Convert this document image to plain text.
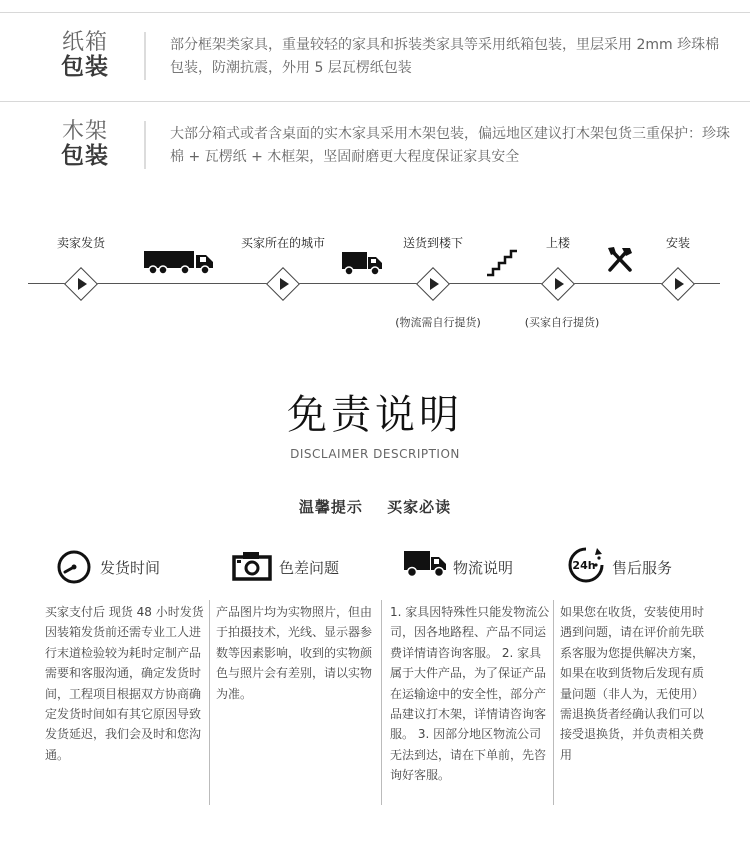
纸箱
包装
部分框架类家具，重量较轻的家具和拆装类家具等采用纸箱包装，里层采用 2mm 珍珠棉包装，防潮抗震，外用 5 层瓦楞纸包装
木架
包装
大部分箱式或者含桌面的实木家具采用木架包装，偏远地区建议打木架包货三重保护：珍珠棉 + 瓦楞纸 + 木框架，坚固耐磨更大程度保证家具安全
卖家发货	买家所在的城市	送货到楼下	上楼	安装
(物流需自行提货)	(买家自行提货)
免责说明
DISCLAIMER DESCRIPTION
温馨提示 买家必读
发货时间	色差问题	物流说明	24h 售后服务
买家支付后 现货 48 小时发货 因装箱发货前还需专业工人进行末道检验较为耗时定制产品需要和客服沟通，确定发货时间，工程项目根据双方协商确定发货时间如有其它原因导致发货延迟，我们会及时和您沟通。
产品图片均为实物照片，但由于拍摄技术，光线、显示器参数等因素影响，收到的实物颜色与照片会有差别，请以实物为准。
1. 家具因特殊性只能发物流公司，因各地路程、产品不同运费详情请咨询客服。 2. 家具属于大件产品，为了保证产品在运输途中的安全性，部分产品建议打木架，详情请咨询客服。 3. 因部分地区物流公司无法到达，请在下单前，先咨询好客服。
如果您在收货，安装使用时遇到问题，请在评价前先联系客服为您提供解决方案，如果在收到货物后发现有质量问题（非人为，无使用）需退换货者经确认我们可以接受退换货，并负责相关费用
